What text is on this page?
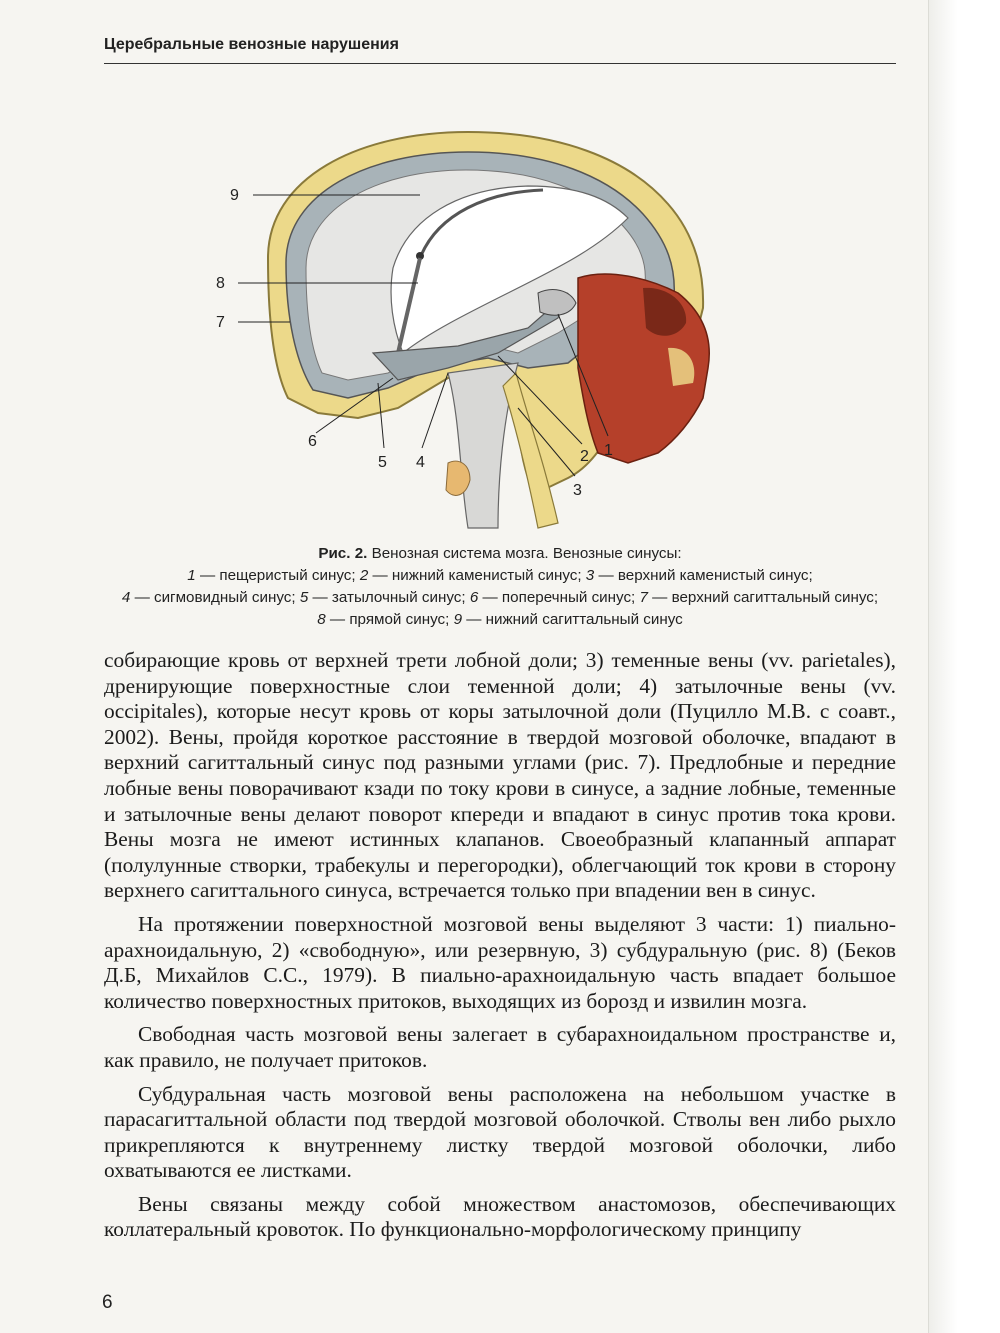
Цеpебpальные венозные нарушения
9
8
7
6
5 4
3
2 1
Рис. 2. Венозная система мозга. Венозные синусы:
1 — пещеристый синус; 2 — нижний каменистый синус; 3 — верхний каменистый синус;
4 — сигмовидный синус; 5 — затылочный синус; 6 — поперечный синус; 7 — верхний сагиттальный синус; 8 — прямой синус; 9 — нижний сагиттальный синус

собирающие кровь от верхней трети лобной доли; 3) теменные вены (vv. parietales), дренирующие поверхностные слои теменной доли; 4) затылочные вены (vv. occipitales), которые несут кровь от коры затылочной доли (Пуцилло М.В. с соавт., 2002). Вены, пройдя короткое расстояние в твердой мозговой оболочке, впадают в верхний сагиттальный синус под разными углами (рис. 7). Предлобные и передние лобные вены поворачивают кзади по току крови в синусе, а задние лобные, теменные и затылочные вены делают поворот кпереди и впадают в синус против тока крови. Вены мозга не имеют истинных клапанов. Своеобразный клапанный аппарат (полулунные створки, трабекулы и перегородки), облегчающий ток крови в сторону верхнего сагиттального синуса, встречается только при впадении вен в синус.

На протяжении поверхностной мозговой вены выделяют 3 части: 1) пиально-арахноидальную, 2) «свободную», или резервную, 3) субдуральную (рис. 8) (Беков Д.Б, Михайлов С.С., 1979). В пиально-арахноидальную часть впадает большое количество поверхностных притоков, выходящих из борозд и извилин мозга.

Свободная часть мозговой вены залегает в субарахноидальном пространстве и, как правило, не получает притоков.

Субдуральная часть мозговой вены расположена на небольшом участке в парасагиттальной области под твердой мозговой оболочкой. Стволы вен либо рыхло прикрепляются к внутреннему листку твердой мозговой оболочки, либо охватываются ее листками.

Вены связаны между собой множеством анастомозов, обеспечивающих коллатеральный кровоток. По функционально-морфологическому принципу

6
